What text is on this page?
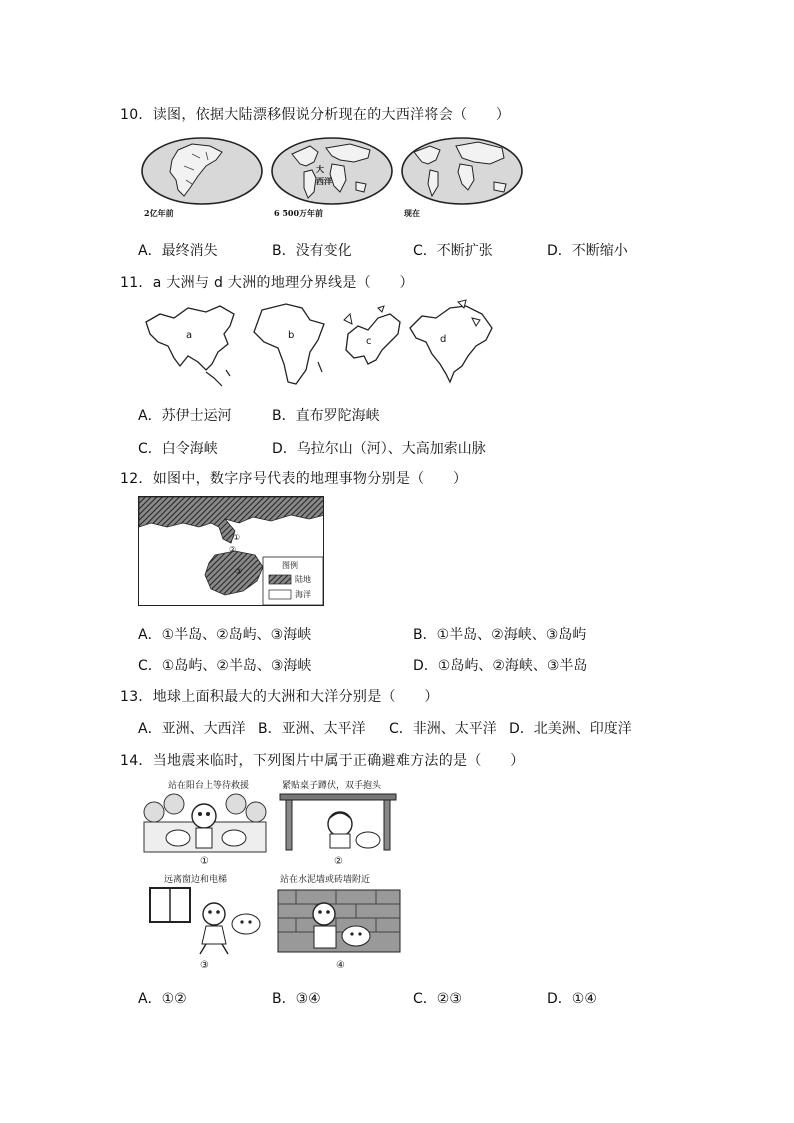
10．读图，依据大陆漂移假说分析现在的大西洋将会（　　）
2亿年前
大
西洋
6 500万年前	现在
A．最终消失	B．没有变化	C．不断扩张	D．不断缩小
11．a 大洲与 d 大洲的地理分界线是（　　）
a	b
c	d
A．苏伊士运河	B．直布罗陀海峡
C．白令海峡	D．乌拉尔山（河）、大高加索山脉
12．如图中，数字序号代表的地理事物分别是（　　）
①
②
③
图例
陆地
海洋
A．①半岛、②岛屿、③海峡	B．①半岛、②海峡、③岛屿
C．①岛屿、②半岛、③海峡	D．①岛屿、②海峡、③半岛
13．地球上面积最大的大洲和大洋分别是（　　）
A．亚洲、大西洋 B．亚洲、太平洋 C．非洲、太平洋 D．北美洲、印度洋
14．当地震来临时，下列图片中属于正确避难方法的是（　　）
站在阳台上等待救援
①
紧贴桌子蹲伏，双手抱头
②
远离窗边和电梯
③
站在水泥墙或砖墙附近
④
A．①②	B．③④	C．②③	D．①④
